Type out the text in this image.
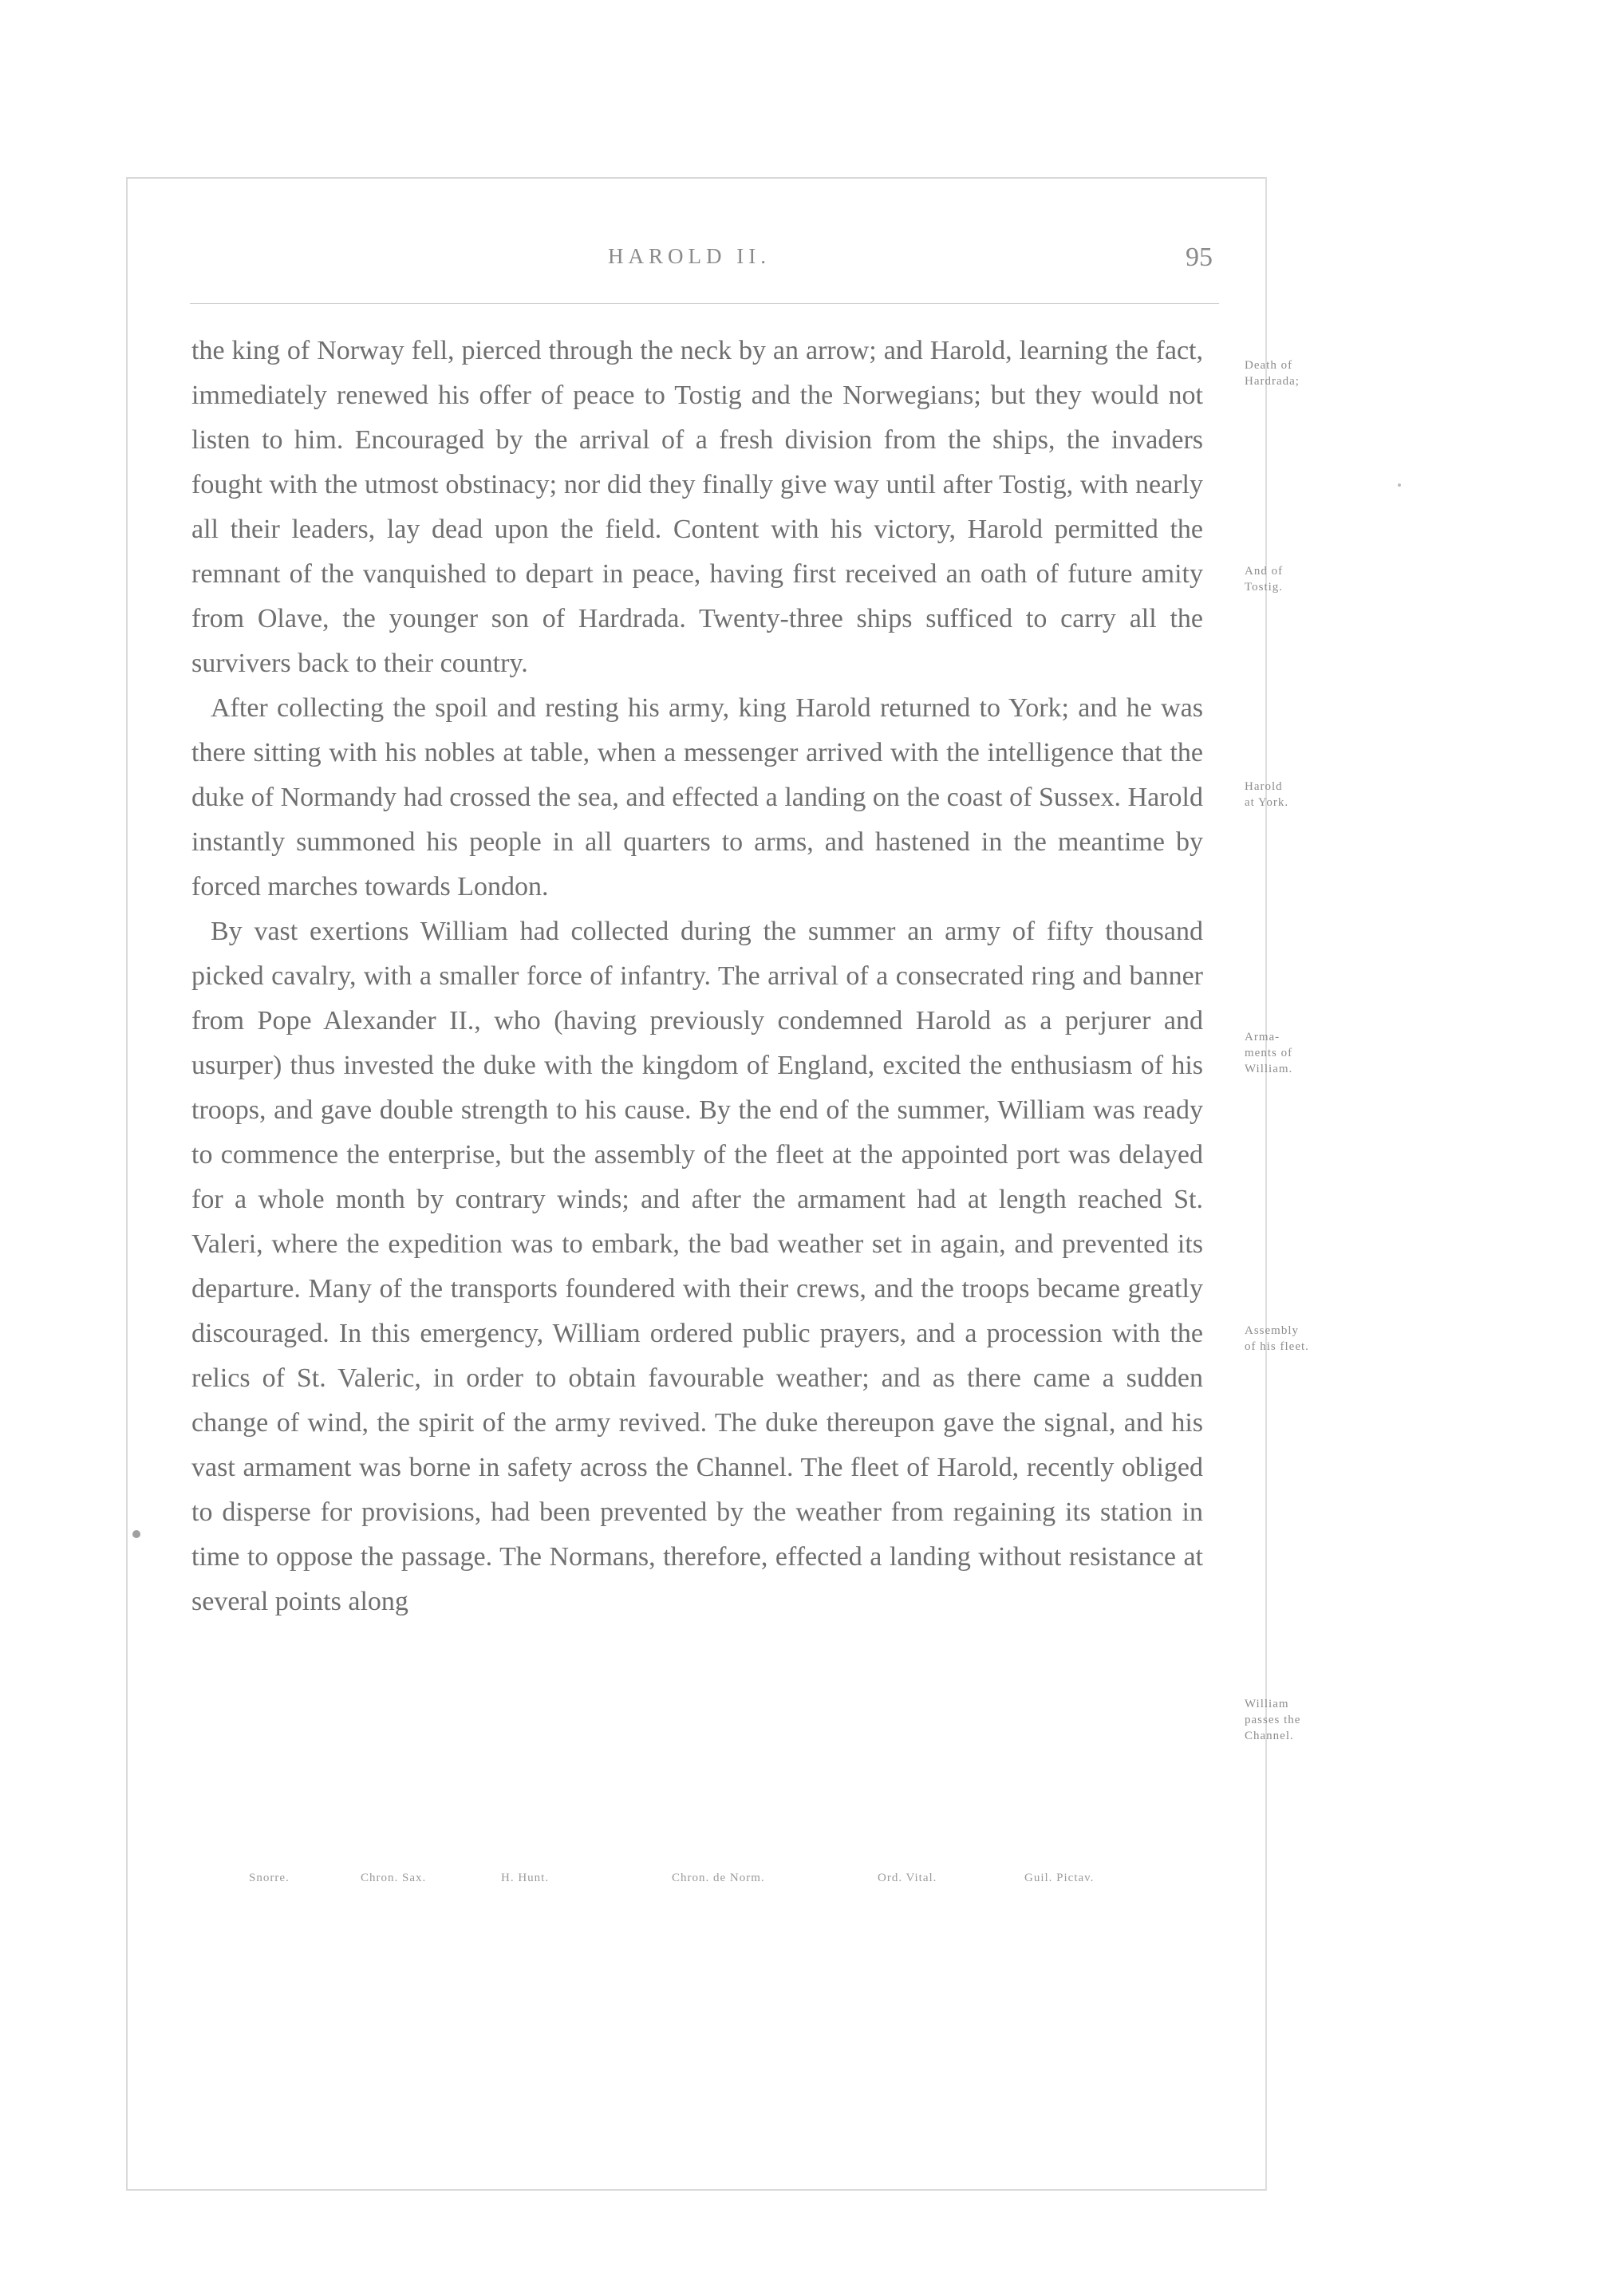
HAROLD II.	95

the king of Norway fell, pierced through the neck by an arrow; and Harold, learning the fact, immediately renewed his offer of peace to Tostig and the Norwegians; but they would not listen to him. Encouraged by the arrival of a fresh division from the ships, the invaders fought with the utmost obstinacy; nor did they finally give way until after Tostig, with nearly all their leaders, lay dead upon the field. Content with his victory, Harold permitted the remnant of the vanquished to depart in peace, having first received an oath of future amity from Olave, the younger son of Hardrada. Twenty-three ships sufficed to carry all the survivers back to their country.

After collecting the spoil and resting his army, king Harold returned to York; and he was there sitting with his nobles at table, when a messenger arrived with the intelligence that the duke of Normandy had crossed the sea, and effected a landing on the coast of Sussex. Harold instantly summoned his people in all quarters to arms, and hastened in the meantime by forced marches towards London.

By vast exertions William had collected during the summer an army of fifty thousand picked cavalry, with a smaller force of infantry. The arrival of a consecrated ring and banner from Pope Alexander II., who (having previously condemned Harold as a perjurer and usurper) thus invested the duke with the kingdom of England, excited the enthusiasm of his troops, and gave double strength to his cause. By the end of the summer, William was ready to commence the enterprise, but the assembly of the fleet at the appointed port was delayed for a whole month by contrary winds; and after the armament had at length reached St. Valeri, where the expedition was to embark, the bad weather set in again, and prevented its departure. Many of the transports foundered with their crews, and the troops became greatly discouraged. In this emergency, William ordered public prayers, and a procession with the relics of St. Valeric, in order to obtain favourable weather; and as there came a sudden change of wind, the spirit of the army revived. The duke thereupon gave the signal, and his vast armament was borne in safety across the Channel. The fleet of Harold, recently obliged to disperse for provisions, had been prevented by the weather from regaining its station in time to oppose the passage. The Normans, therefore, effected a landing without resistance at several points along

Death of
Hardrada;
And of
Tostig.
Harold
at York.
Arma-
ments of
William.
Assembly
of his fleet.
William
passes the
Channel.
Snorre.	Chron. Sax.	H. Hunt.	Chron. de Norm.	Ord. Vital.	Guil. Pictav.
